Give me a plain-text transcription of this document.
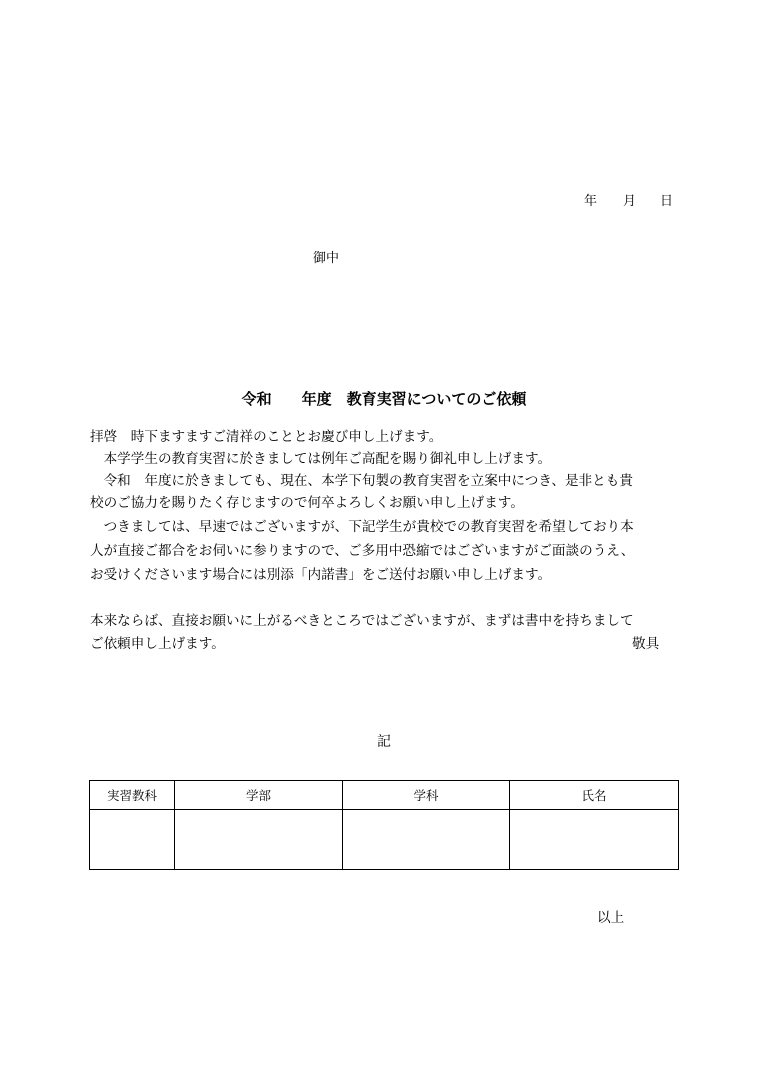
年 月 日
御中
令和　　年度　教育実習についてのご依頼
拝啓　時下ますますご清祥のこととお慶び申し上げます。
　本学学生の教育実習に於きましては例年ご高配を賜り御礼申し上げます。
　令和　年度に於きましても、現在、本学下旬製の教育実習を立案中につき、是非とも貴
校のご協力を賜りたく存じますので何卒よろしくお願い申し上げます。
　つきましては、早速ではございますが、下記学生が貴校での教育実習を希望しており本
人が直接ご都合をお伺いに参りますので、ご多用中恐縮ではございますがご面談のうえ、
お受けくださいます場合には別添「内諾書」をご送付お願い申し上げます。
本来ならば、直接お願いに上がるべきところではございますが、まずは書中を持ちまして
ご依頼申し上げます。	敬具
記
実習教科	学部	学科	氏名

以上
